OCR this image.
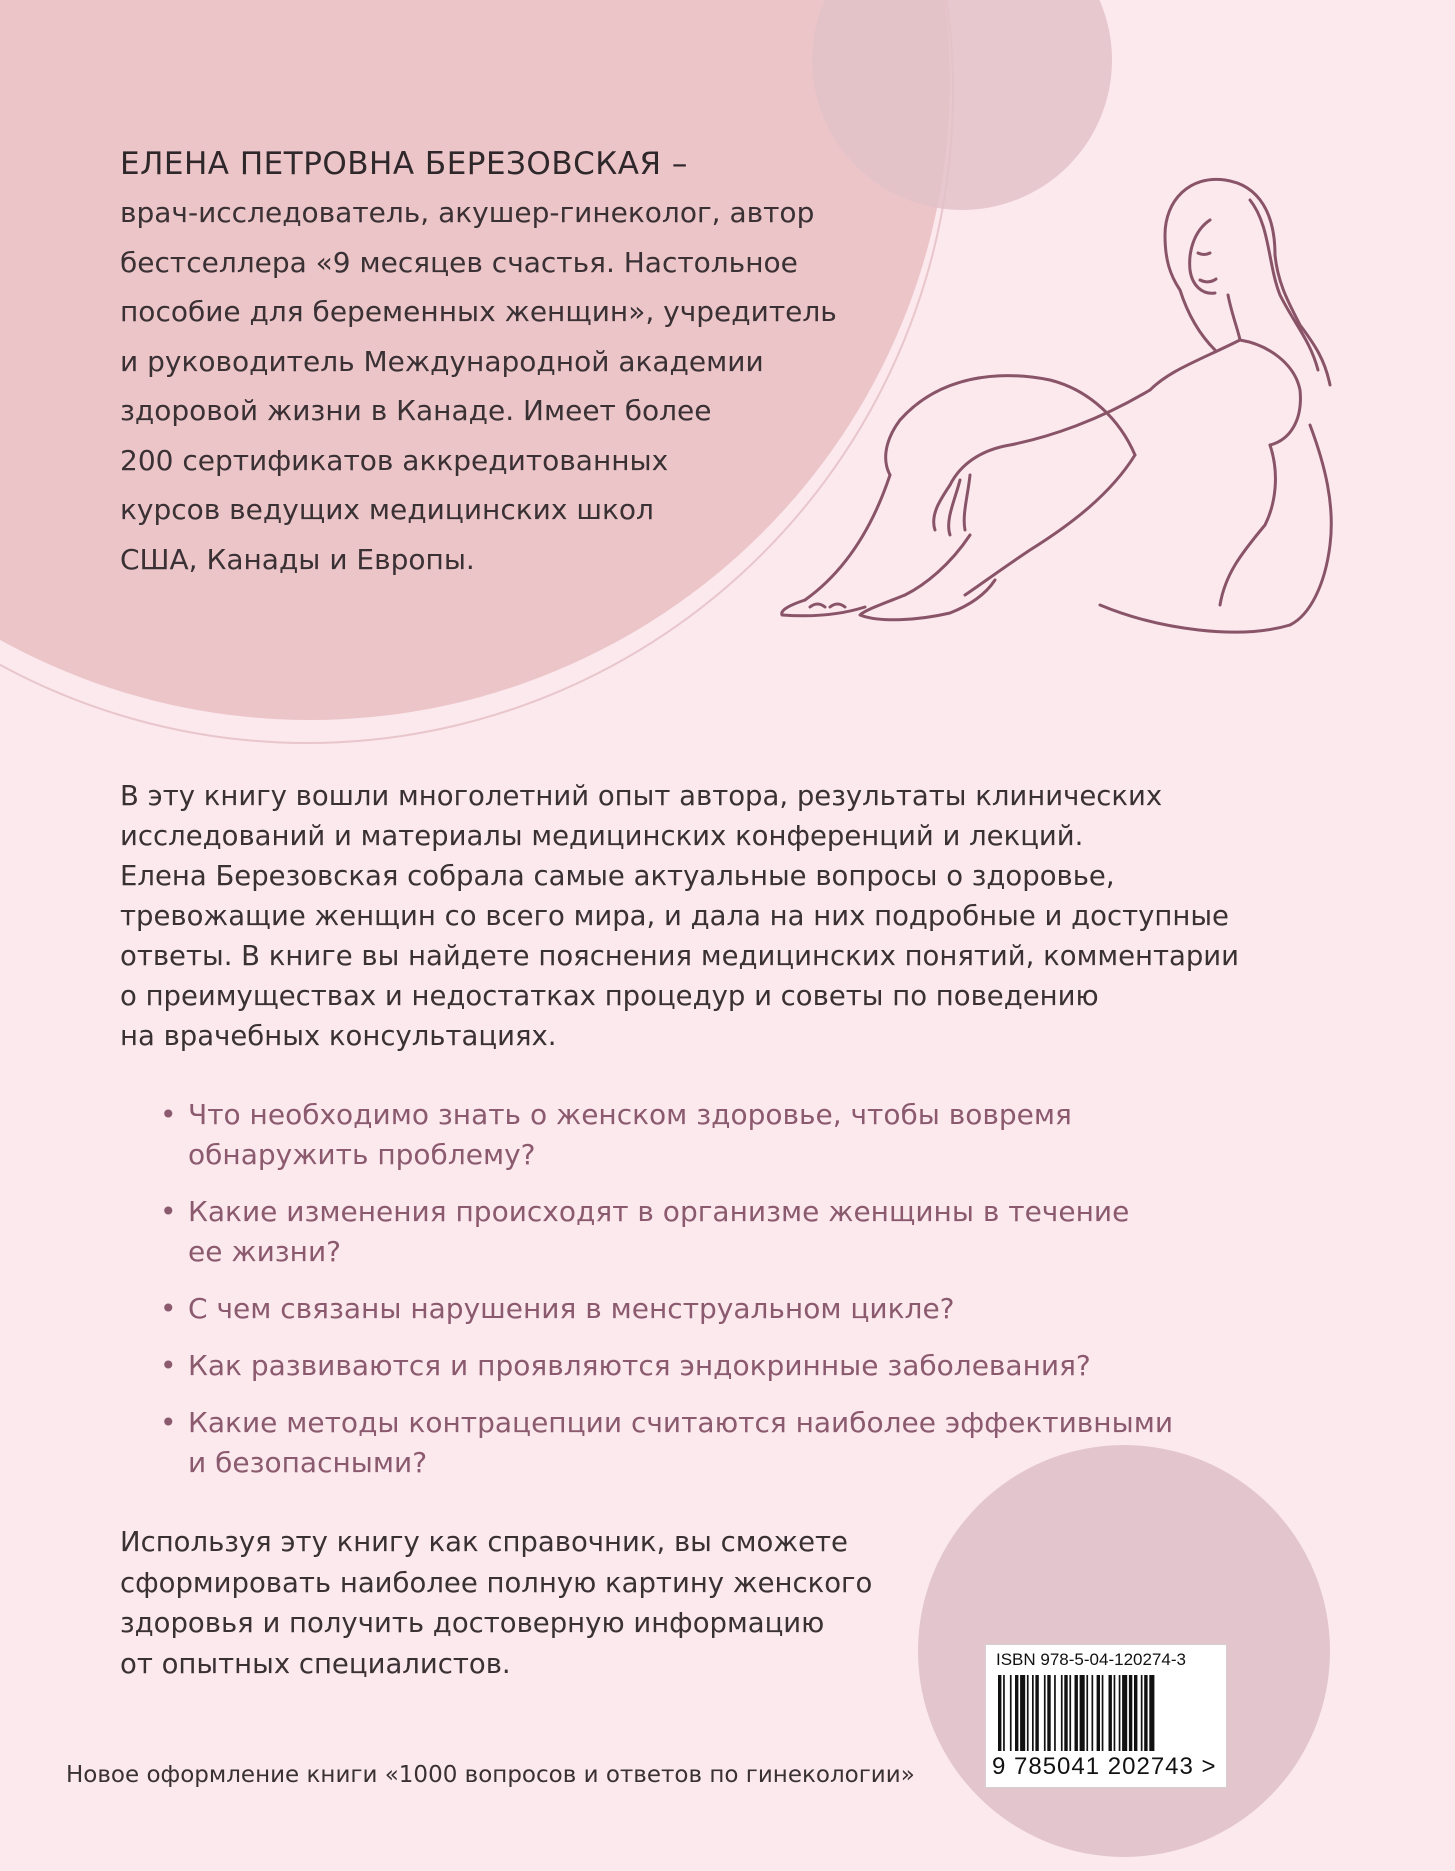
ЕЛЕНА ПЕТРОВНА БЕРЕЗОВСКАЯ –
врач-исследователь, акушер-гинеколог, автор
бестселлера «9 месяцев счастья. Настольное
пособие для беременных женщин», учредитель
и руководитель Международной академии
здоровой жизни в Канаде. Имеет более
200 сертификатов аккредитованных
курсов ведущих медицинских школ
США, Канады и Европы.
В эту книгу вошли многолетний опыт автора, результаты клинических
исследований и материалы медицинских конференций и лекций.
Елена Березовская собрала самые актуальные вопросы о здоровье,
тревожащие женщин со всего мира, и дала на них подробные и доступные
ответы. В книге вы найдете пояснения медицинских понятий, комментарии
о преимуществах и недостатках процедур и советы по поведению
на врачебных консультациях.
• Что необходимо знать о женском здоровье, чтобы вовремя
обнаружить проблему?
• Какие изменения происходят в организме женщины в течение
ее жизни?
• С чем связаны нарушения в менструальном цикле?
• Как развиваются и проявляются эндокринные заболевания?
• Какие методы контрацепции считаются наиболее эффективными
и безопасными?
Используя эту книгу как справочник, вы сможете
сформировать наиболее полную картину женского
здоровья и получить достоверную информацию
от опытных специалистов.
Новое оформление книги «1000 вопросов и ответов по гинекологии»
ISBN 978-5-04-120274-3
9 785041 202743 >
